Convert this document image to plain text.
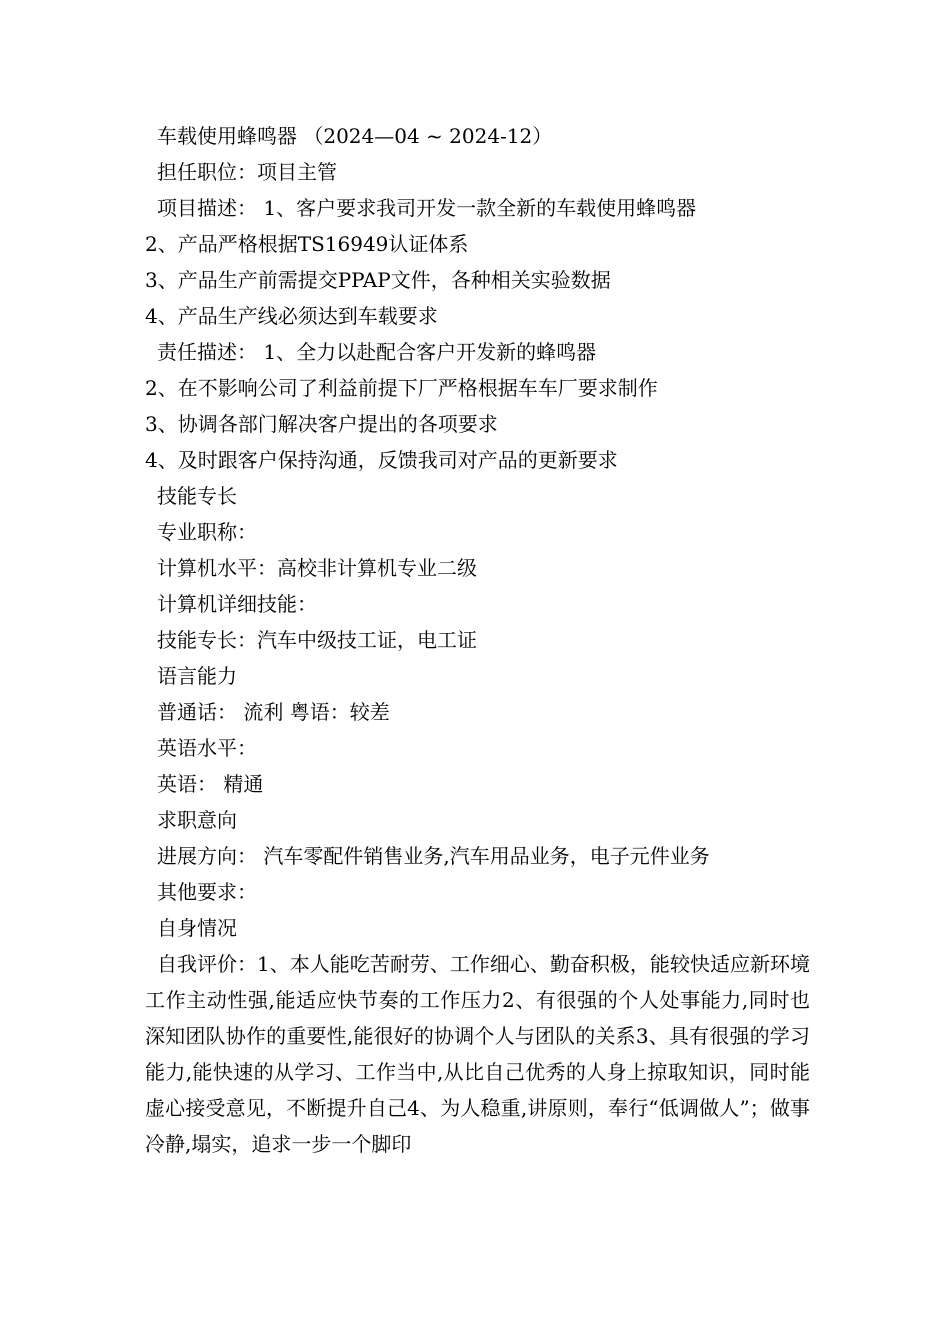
车载使用蜂鸣器 （2024—04 ~ 2024-12）
担任职位：项目主管
项目描述： 1、客户要求我司开发一款全新的车载使用蜂鸣器
2、产品严格根据TS16949认证体系
3、产品生产前需提交PPAP文件，各种相关实验数据
4、产品生产线必须达到车载要求
责任描述： 1、全力以赴配合客户开发新的蜂鸣器
2、在不影响公司了利益前提下厂严格根据车车厂要求制作
3、协调各部门解决客户提出的各项要求
4、及时跟客户保持沟通，反馈我司对产品的更新要求
技能专长
专业职称：
计算机水平：高校非计算机专业二级
计算机详细技能：
技能专长：汽车中级技工证，电工证
语言能力
普通话： 流利 粤语：较差
英语水平：
英语： 精通
求职意向
进展方向： 汽车零配件销售业务,汽车用品业务，电子元件业务
其他要求：
自身情况

自我评价：1、本人能吃苦耐劳、工作细心、勤奋积极，能较快适应新环境工作主动性强,能适应快节奏的工作压力2、有很强的个人处事能力,同时也深知团队协作的重要性,能很好的协调个人与团队的关系3、具有很强的学习能力,能快速的从学习、工作当中,从比自己优秀的人身上掠取知识，同时能虚心接受意见，不断提升自己4、为人稳重,讲原则，奉行“低调做人”；做事冷静,塌实，追求一步一个脚印
